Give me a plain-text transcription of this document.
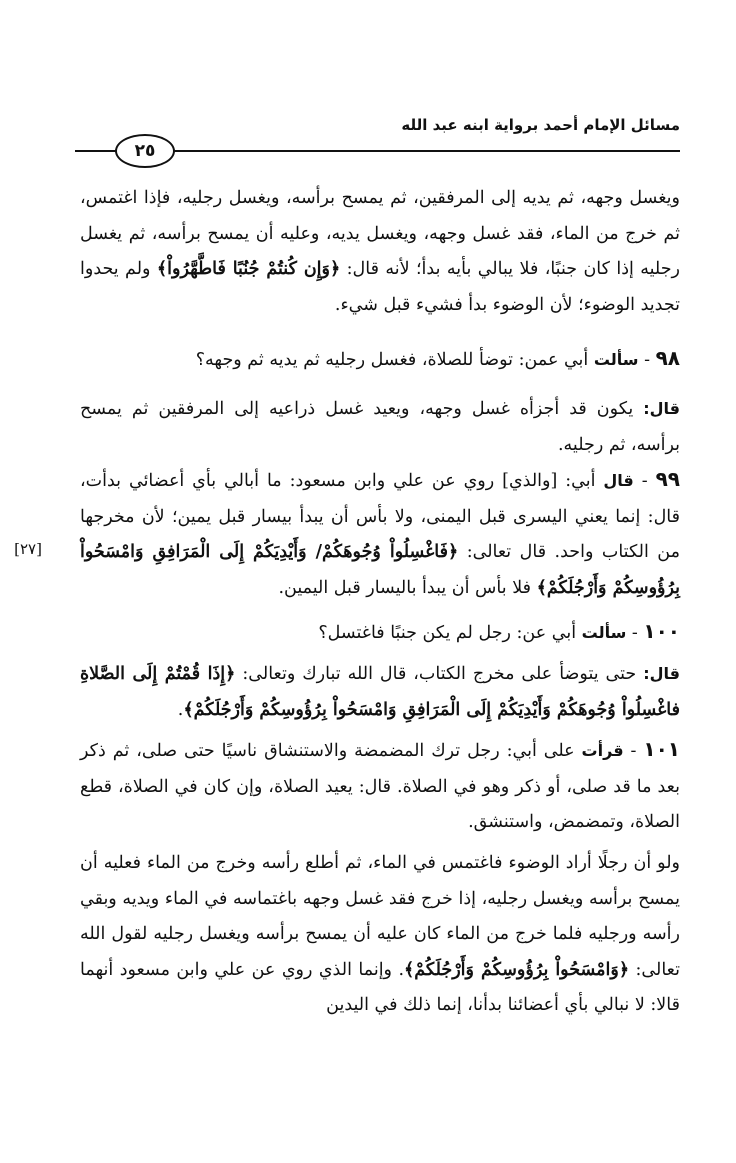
مسائل الإمام أحمد برواية ابنه عبد الله
٢٥
[٢٧]

ويغسل وجهه، ثم يديه إلى المرفقين، ثم يمسح برأسه، ويغسل رجليه، فإذا اغتمس، ثم خرج من الماء، فقد غسل وجهه، ويغسل يديه، وعليه أن يمسح برأسه، ثم يغسل رجليه إذا كان جنبًا، فلا يبالي بأيه بدأ؛ لأنه قال: ﴿وَإِن كُنتُمْ جُنُبًا فَاطَّهَّرُواْ﴾ ولم يحدوا تجديد الوضوء؛ لأن الوضوء بدأ فشيء قبل شيء.

٩٨ - سألت أبي عمن: توضأ للصلاة، فغسل رجليه ثم يديه ثم وجهه؟

قال: يكون قد أجزأه غسل وجهه، ويعيد غسل ذراعيه إلى المرفقين ثم يمسح برأسه، ثم رجليه.

٩٩ - قال أبي: [والذي] روي عن علي وابن مسعود: ما أبالي بأي أعضائي بدأت، قال: إنما يعني اليسرى قبل اليمنى، ولا بأس أن يبدأ بيسار قبل يمين؛ لأن مخرجها من الكتاب واحد. قال تعالى: ﴿فَاغْسِلُواْ وُجُوهَكُمْ/ وَأَيْدِيَكُمْ إِلَى الْمَرَافِقِ وَامْسَحُواْ بِرُؤُوسِكُمْ وَأَرْجُلَكُمْ﴾ فلا بأس أن يبدأ باليسار قبل اليمين.

١٠٠ - سألت أبي عن: رجل لم يكن جنبًا فاغتسل؟

قال: حتى يتوضأ على مخرج الكتاب، قال الله تبارك وتعالى: ﴿إِذَا قُمْتُمْ إِلَى الصَّلاةِ فاغْسِلُواْ وُجُوهَكُمْ وَأَيْدِيَكُمْ إِلَى الْمَرَافِقِ وَامْسَحُواْ بِرُؤُوسِكُمْ وَأَرْجُلَكُمْ﴾.

١٠١ - قرأت على أبي: رجل ترك المضمضة والاستنشاق ناسيًا حتى صلى، ثم ذكر بعد ما قد صلى، أو ذكر وهو في الصلاة. قال: يعيد الصلاة، وإن كان في الصلاة، قطع الصلاة، وتمضمض، واستنشق.

ولو أن رجلًا أراد الوضوء فاغتمس في الماء، ثم أطلع رأسه وخرج من الماء فعليه أن يمسح برأسه ويغسل رجليه، إذا خرج فقد غسل وجهه باغتماسه في الماء ويديه وبقي رأسه ورجليه فلما خرج من الماء كان عليه أن يمسح برأسه ويغسل رجليه لقول الله تعالى: ﴿وَامْسَحُواْ بِرُؤُوسِكُمْ وَأَرْجُلَكُمْ﴾. وإنما الذي روي عن علي وابن مسعود أنهما قالا: لا نبالي بأي أعضائنا بدأنا، إنما ذلك في اليدين
